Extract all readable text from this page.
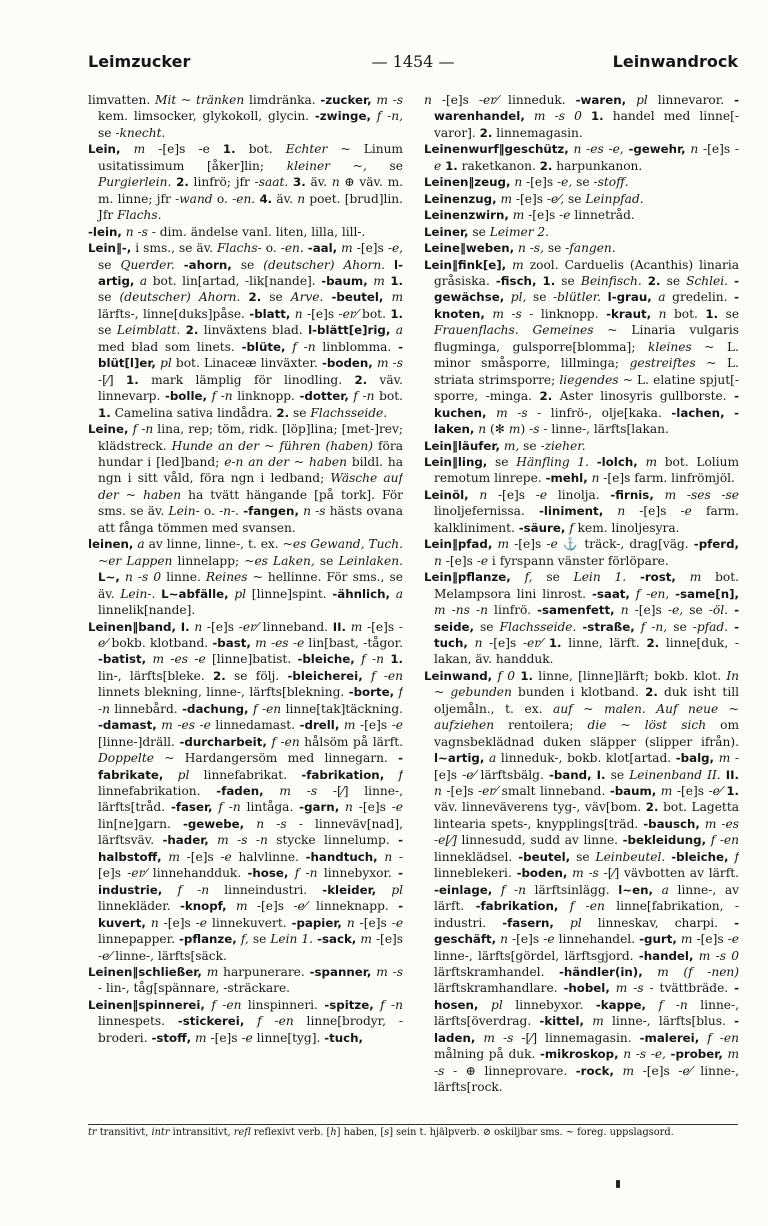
Leimzucker	— 1454 —	Leinwandrock

limvatten. Mit ~ tränken limdränka. -zucker, m -s kem. limsocker, glykokoll, glycin. -zwinge, f -n, se -knecht.

Lein, m -[e]s -e 1. bot. Echter ~ Linum usitatissimum [åker]lin; kleiner ~, se Purgierlein. 2. linfrö; jfr -saat. 3. äv. n ⊕ väv. m. m. linne; jfr -wand o. -en. 4. äv. n poet. [brud]lin. Jfr Flachs.

-lein, n -s - dim. ändelse vanl. liten, lilla, lill-.

Lein‖-, i sms., se äv. Flachs- o. -en. -aal, m -[e]s -e, se Querder. -ahorn, se (deutscher) Ahorn. l-artig, a bot. lin[artad, -lik[nande]. -baum, m 1. se (deutscher) Ahorn. 2. se Arve. -beutel, m lärfts-, linne[duks]påse. -blatt, n -[e]s -er⁄ bot. 1. se Leimblatt. 2. linväxtens blad. l-blätt[e]rig, a med blad som linets. -blüte, f -n linblomma. -blüt[l]er, pl bot. Linaceæ linväxter. -boden, m -s -[⁄] 1. mark lämplig för linodling. 2. väv. linnevarp. -bolle, f -n linknopp. -dotter, f -n bot. 1. Camelina sativa lindådra. 2. se Flachsseide.

Leine, f -n lina, rep; töm, ridk. [löp]lina; [met-]rev; klädstreck. Hunde an der ~ führen (haben) föra hundar i [led]band; e-n an der ~ haben bildl. ha ngn i sitt våld, föra ngn i ledband; Wäsche auf der ~ haben ha tvätt hängande [på tork]. För sms. se äv. Lein- o. -n-. -fangen, n -s hästs ovana att fånga tömmen med svansen.

leinen, a av linne, linne-, t. ex. ~es Gewand, Tuch. ~er Lappen linnelapp; ~es Laken, se Leinlaken. L~, n -s 0 linne. Reines ~ hellinne. För sms., se äv. Lein-. L~abfälle, pl [linne]spint. -ähnlich, a linnelik[nande].

Leinen‖band, I. n -[e]s -er⁄ linneband. II. m -[e]s -e⁄ bokb. klotband. -bast, m -es -e lin[bast, -tågor. -batist, m -es -e [linne]batist. -bleiche, f -n 1. lin-, lärfts[bleke. 2. se följ. -bleicherei, f -en linnets blekning, linne-, lärfts[blekning. -borte, f -n linnebård. -dachung, f -en linne[tak]täckning. -damast, m -es -e linnedamast. -drell, m -[e]s -e [linne-]dräll. -durcharbeit, f -en hålsöm på lärft. Doppelte ~ Hardangersöm med linnegarn. -fabrikate, pl linnefabrikat. -fabrikation, f linnefabrikation. -faden, m -s -[⁄] linne-, lärfts[tråd. -faser, f -n lintåga. -garn, n -[e]s -e lin[ne]garn. -gewebe, n -s - linneväv[nad], lärftsväv. -hader, m -s -n stycke linnelump. -halbstoff, m -[e]s -e halvlinne. -handtuch, n -[e]s -er⁄ linnehandduk. -hose, f -n linnebyxor. -industrie, f -n linneindustri. -kleider, pl linnekläder. -knopf, m -[e]s -e⁄ linneknapp. -kuvert, n -[e]s -e linnekuvert. -papier, n -[e]s -e linnepapper. -pflanze, f, se Lein 1. -sack, m -[e]s -e⁄ linne-, lärfts[säck.

Leinen‖schließer, m harpunerare. -spanner, m -s - lin-, tåg[spännare, -sträckare.

Leinen‖spinnerei, f -en linspinneri. -spitze, f -n linnespets. -stickerei, f -en linne[brodyr, -broderi. -stoff, m -[e]s -e linne[tyg]. -tuch,

n -[e]s -er⁄ linneduk. -waren, pl linnevaror. -warenhandel, m -s 0 1. handel med linne[-varor]. 2. linnemagasin.

Leinenwurf‖geschütz, n -es -e, -gewehr, n -[e]s -e 1. raketkanon. 2. harpunkanon.

Leinen‖zeug, n -[e]s -e, se -stoff.

Leinenzug, m -[e]s -e⁄, se Leinpfad.

Leinenzwirn, m -[e]s -e linnetråd.

Leiner, se Leimer 2.

Leine‖weben, n -s, se -fangen.

Lein‖fink[e], m zool. Carduelis (Acanthis) linaria gråsiska. -fisch, 1. se Beinfisch. 2. se Schlei. -gewächse, pl, se -blütler. l-grau, a gredelin. -knoten, m -s - linknopp. -kraut, n bot. 1. se Frauenflachs. Gemeines ~ Linaria vulgaris flugminga, gulsporre[blomma]; kleines ~ L. minor småsporre, lillminga; gestreiftes ~ L. striata strimsporre; liegendes ~ L. elatine spjut[-sporre, -minga. 2. Aster linosyris gullborste. -kuchen, m -s - linfrö-, olje[kaka. -lachen, -laken, n (✻ m) -s - linne-, lärfts[lakan.

Lein‖läufer, m, se -zieher.

Lein‖ling, se Hänfling 1. -lolch, m bot. Lolium remotum linrepe. -mehl, n -[e]s farm. linfrömjöl.

Leinöl, n -[e]s -e linolja. -firnis, m -ses -se linoljefernissa. -liniment, n -[e]s -e farm. kalkliniment. -säure, f kem. linoljesyra.

Lein‖pfad, m -[e]s -e ⚓ träck-, drag[väg. -pferd, n -[e]s -e i fyrspann vänster förlöpare.

Lein‖pflanze, f, se Lein 1. -rost, m bot. Melampsora lini linrost. -saat, f -en, -same[n], m -ns -n linfrö. -samenfett, n -[e]s -e, se -öl. -seide, se Flachsseide. -straße, f -n, se -pfad. -tuch, n -[e]s -er⁄ 1. linne, lärft. 2. linne[duk, -lakan, äv. handduk.

Leinwand, f 0 1. linne, [linne]lärft; bokb. klot. In ~ gebunden bunden i klotband. 2. duk isht till oljemåln., t. ex. auf ~ malen. Auf neue ~ aufziehen rentoilera; die ~ löst sich om vagnsbeklädnad duken släpper (slipper ifrån). l~artig, a linneduk-, bokb. klot[artad. -balg, m -[e]s -e⁄ lärftsbälg. -band, I. se Leinenband II. II. n -[e]s -er⁄ smalt linneband. -baum, m -[e]s -e⁄ 1. väv. linneväverens tyg-, väv[bom. 2. bot. Lagetta lintearia spets-, knypplings[träd. -bausch, m -es -e[⁄] linnesudd, sudd av linne. -bekleidung, f -en linneklädsel. -beutel, se Leinbeutel. -bleiche, f linneblekeri. -boden, m -s -[⁄] vävbotten av lärft. -einlage, f -n lärftsinlägg. l~en, a linne-, av lärft. -fabrikation, f -en linne[fabrikation, -industri. -fasern, pl linneskav, charpi. -geschäft, n -[e]s -e linnehandel. -gurt, m -[e]s -e linne-, lärfts[gördel, lärftsgjord. -handel, m -s 0 lärftskramhandel. -händler(in), m (f -nen) lärftskramhandlare. -hobel, m -s - tvättbräde. -hosen, pl linnebyxor. -kappe, f -n linne-, lärfts[överdrag. -kittel, m linne-, lärfts[blus. -laden, m -s -[⁄] linnemagasin. -malerei, f -en målning på duk. -mikroskop, n -s -e, -prober, m -s - ⊕ linneprovare. -rock, m -[e]s -e⁄ linne-, lärfts[rock.

tr transitivt, intr intransitivt, refl reflexivt verb. [h] haben, [s] sein t. hjälpverb. ⊘ oskiljbar sms. ~ foreg. uppslagsord.
